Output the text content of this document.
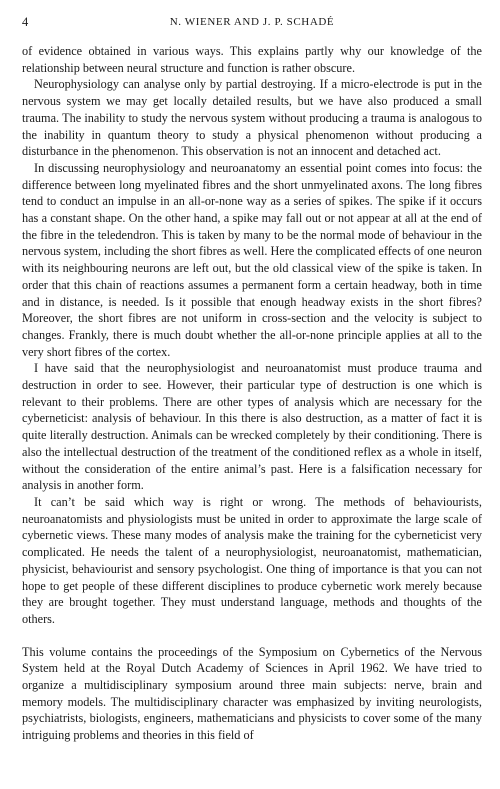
4	N. WIENER AND J. P. SCHADÉ

of evidence obtained in various ways. This explains partly why our knowledge of the relationship between neural structure and function is rather obscure.

Neurophysiology can analyse only by partial destroying. If a micro-electrode is put in the nervous system we may get locally detailed results, but we have also produced a small trauma. The inability to study the nervous system without producing a trauma is analogous to the inability in quantum theory to study a physical phenomenon without producing a disturbance in the phenomenon. This observation is not an innocent and detached act.

In discussing neurophysiology and neuroanatomy an essential point comes into focus: the difference between long myelinated fibres and the short unmyelinated axons. The long fibres tend to conduct an impulse in an all-or-none way as a series of spikes. The spike if it occurs has a constant shape. On the other hand, a spike may fall out or not appear at all at the end of the fibre in the teledendron. This is taken by many to be the normal mode of behaviour in the nervous system, including the short fibres as well. Here the complicated effects of one neuron with its neighbouring neurons are left out, but the old classical view of the spike is taken. In order that this chain of reactions assumes a permanent form a certain headway, both in time and in distance, is needed. Is it possible that enough headway exists in the short fibres? Moreover, the short fibres are not uniform in cross-section and the velocity is subject to changes. Frankly, there is much doubt whether the all-or-none principle applies at all to the very short fibres of the cortex.

I have said that the neurophysiologist and neuroanatomist must produce trauma and destruction in order to see. However, their particular type of destruction is one which is relevant to their problems. There are other types of analysis which are necessary for the cyberneticist: analysis of behaviour. In this there is also destruction, as a matter of fact it is quite literally destruction. Animals can be wrecked completely by their conditioning. There is also the intellectual destruction of the treatment of the conditioned reflex as a whole in itself, without the consideration of the entire animal’s past. Here is a falsification necessary for analysis in another form.

It can’t be said which way is right or wrong. The methods of behaviourists, neuroanatomists and physiologists must be united in order to approximate the large scale of cybernetic views. These many modes of analysis make the training for the cyberneticist very complicated. He needs the talent of a neurophysiologist, neuroanatomist, mathematician, physicist, behaviourist and sensory psychologist. One thing of importance is that you can not hope to get people of these different disciplines to produce cybernetic work merely because they are brought together. They must understand language, methods and thoughts of the others.

This volume contains the proceedings of the Symposium on Cybernetics of the Nervous System held at the Royal Dutch Academy of Sciences in April 1962. We have tried to organize a multidisciplinary symposium around three main subjects: nerve, brain and memory models. The multidisciplinary character was emphasized by inviting neurologists, psychiatrists, biologists, engineers, mathematicians and physicists to cover some of the many intriguing problems and theories in this field of
